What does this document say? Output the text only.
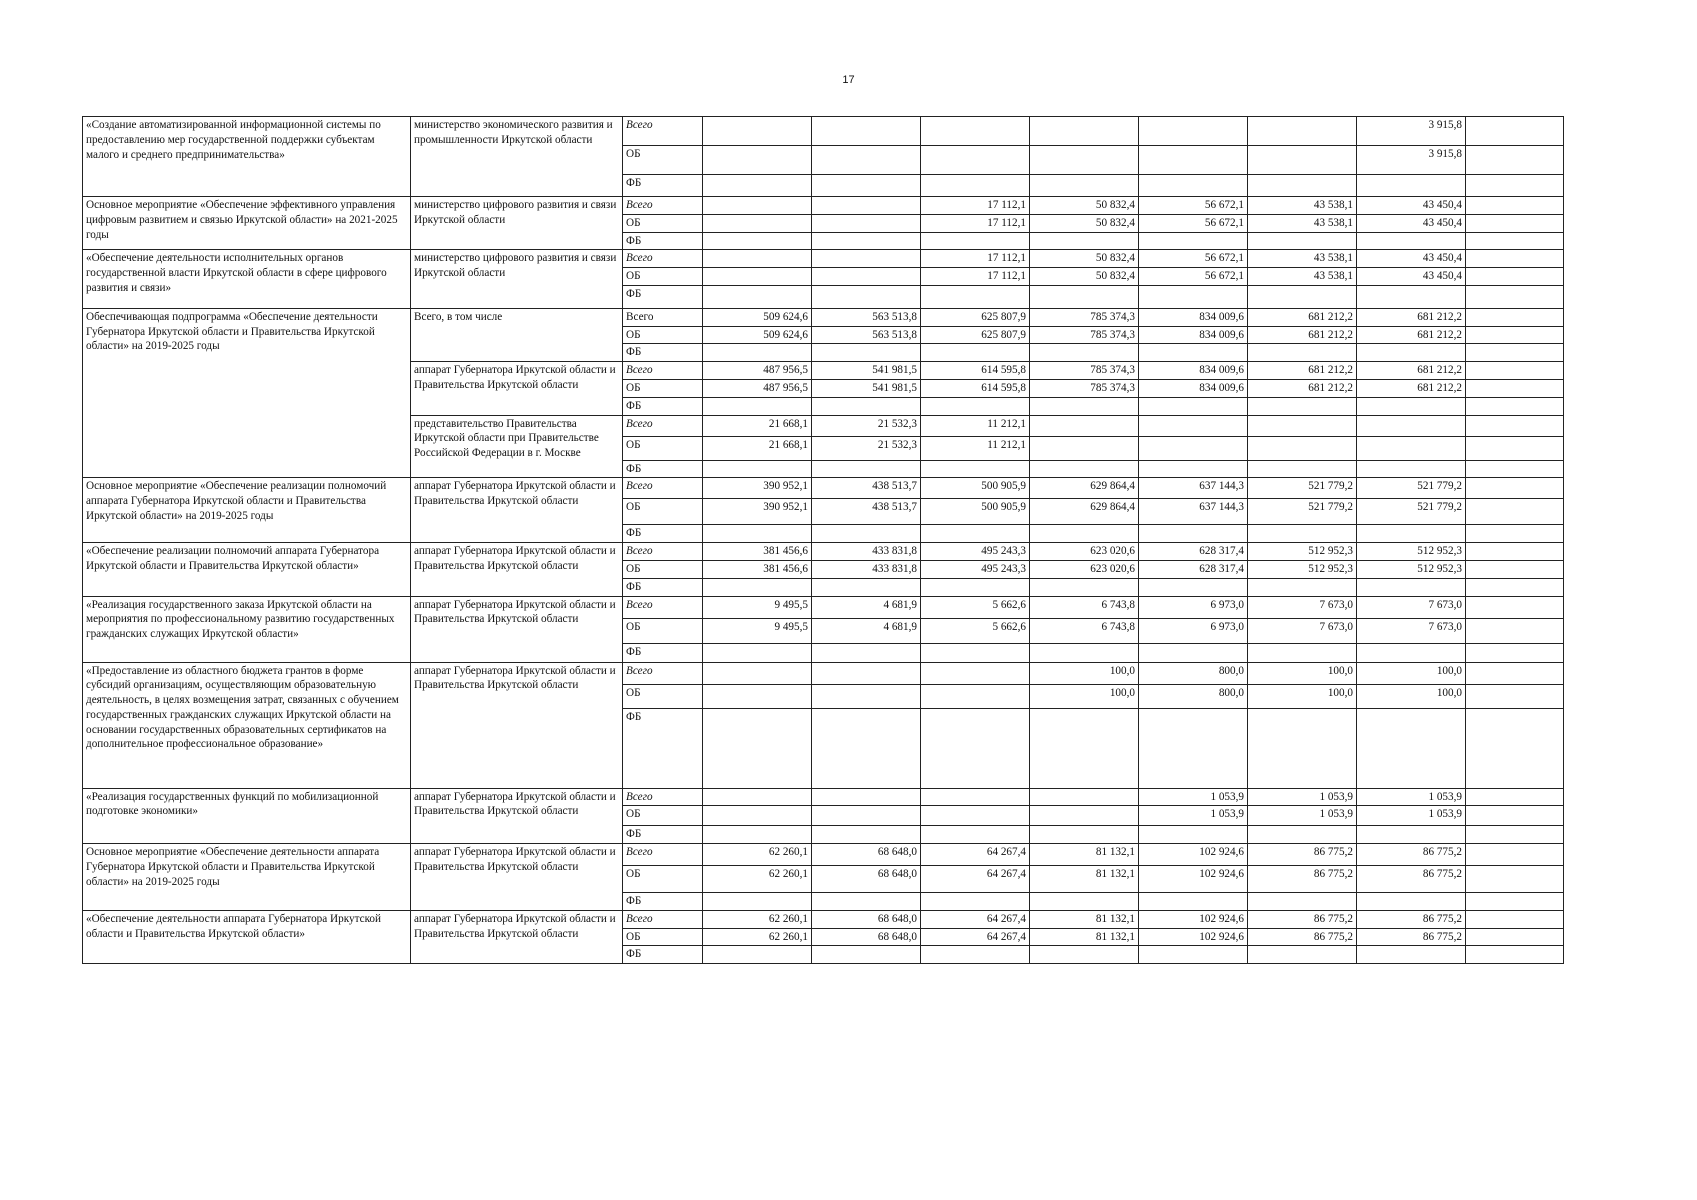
17
«Создание автоматизированной информационной системы по предоставлению мер государственной поддержки субъектам малого и среднего предпринимательства»	министерство экономического развития и промышленности Иркутской области	Всего							3 915,8	
		ОБ							3 915,8	
		ФБ								
Основное мероприятие «Обеспечение эффективного управления цифровым развитием и связью Иркутской области» на 2021-2025 годы	министерство цифрового развития и связи Иркутской области	Всего			17 112,1	50 832,4	56 672,1	43 538,1	43 450,4	
		ОБ			17 112,1	50 832,4	56 672,1	43 538,1	43 450,4	
		ФБ								
«Обеспечение деятельности исполнительных органов государственной власти Иркутской области в сфере цифрового развития и связи»	министерство цифрового развития и связи Иркутской области	Всего			17 112,1	50 832,4	56 672,1	43 538,1	43 450,4	
		ОБ			17 112,1	50 832,4	56 672,1	43 538,1	43 450,4	
		ФБ								
Обеспечивающая подпрограмма «Обеспечение деятельности Губернатора Иркутской области и Правительства Иркутской области» на 2019-2025 годы	Всего, в том числе	Всего	509 624,6	563 513,8	625 807,9	785 374,3	834 009,6	681 212,2	681 212,2	
		ОБ	509 624,6	563 513,8	625 807,9	785 374,3	834 009,6	681 212,2	681 212,2	
		ФБ								
	аппарат Губернатора Иркутской области и Правительства Иркутской области	Всего	487 956,5	541 981,5	614 595,8	785 374,3	834 009,6	681 212,2	681 212,2	
		ОБ	487 956,5	541 981,5	614 595,8	785 374,3	834 009,6	681 212,2	681 212,2	
		ФБ								
	представительство Правительства Иркутской области при Правительстве Российской Федерации в г. Москве	Всего	21 668,1	21 532,3	11 212,1					
		ОБ	21 668,1	21 532,3	11 212,1					
		ФБ								
Основное мероприятие «Обеспечение реализации полномочий аппарата Губернатора Иркутской области и Правительства Иркутской области» на 2019-2025 годы	аппарат Губернатора Иркутской области и Правительства Иркутской области	Всего	390 952,1	438 513,7	500 905,9	629 864,4	637 144,3	521 779,2	521 779,2	
		ОБ	390 952,1	438 513,7	500 905,9	629 864,4	637 144,3	521 779,2	521 779,2	
		ФБ								
«Обеспечение реализации полномочий аппарата Губернатора Иркутской области и Правительства Иркутской области»	аппарат Губернатора Иркутской области и Правительства Иркутской области	Всего	381 456,6	433 831,8	495 243,3	623 020,6	628 317,4	512 952,3	512 952,3	
		ОБ	381 456,6	433 831,8	495 243,3	623 020,6	628 317,4	512 952,3	512 952,3	
		ФБ								
«Реализация государственного заказа Иркутской области на мероприятия по профессиональному развитию государственных гражданских служащих Иркутской области»	аппарат Губернатора Иркутской области и Правительства Иркутской области	Всего	9 495,5	4 681,9	5 662,6	6 743,8	6 973,0	7 673,0	7 673,0	
		ОБ	9 495,5	4 681,9	5 662,6	6 743,8	6 973,0	7 673,0	7 673,0	
		ФБ								
«Предоставление из областного бюджета грантов в форме субсидий организациям, осуществляющим образовательную деятельность, в целях возмещения затрат, связанных с обучением государственных гражданских служащих Иркутской области на основании государственных образовательных сертификатов на дополнительное профессиональное образование»	аппарат Губернатора Иркутской области и Правительства Иркутской области	Всего				100,0	800,0	100,0	100,0	
		ОБ				100,0	800,0	100,0	100,0	
		ФБ								
«Реализация государственных функций по мобилизационной подготовке экономики»	аппарат Губернатора Иркутской области и Правительства Иркутской области	Всего					1 053,9	1 053,9	1 053,9	
		ОБ					1 053,9	1 053,9	1 053,9	
		ФБ								
Основное мероприятие «Обеспечение деятельности аппарата Губернатора Иркутской области и Правительства Иркутской области» на 2019-2025 годы	аппарат Губернатора Иркутской области и Правительства Иркутской области	Всего	62 260,1	68 648,0	64 267,4	81 132,1	102 924,6	86 775,2	86 775,2	
		ОБ	62 260,1	68 648,0	64 267,4	81 132,1	102 924,6	86 775,2	86 775,2	
		ФБ								
«Обеспечение деятельности аппарата Губернатора Иркутской области и Правительства Иркутской области»	аппарат Губернатора Иркутской области и Правительства Иркутской области	Всего	62 260,1	68 648,0	64 267,4	81 132,1	102 924,6	86 775,2	86 775,2	
		ОБ	62 260,1	68 648,0	64 267,4	81 132,1	102 924,6	86 775,2	86 775,2	
		ФБ								
